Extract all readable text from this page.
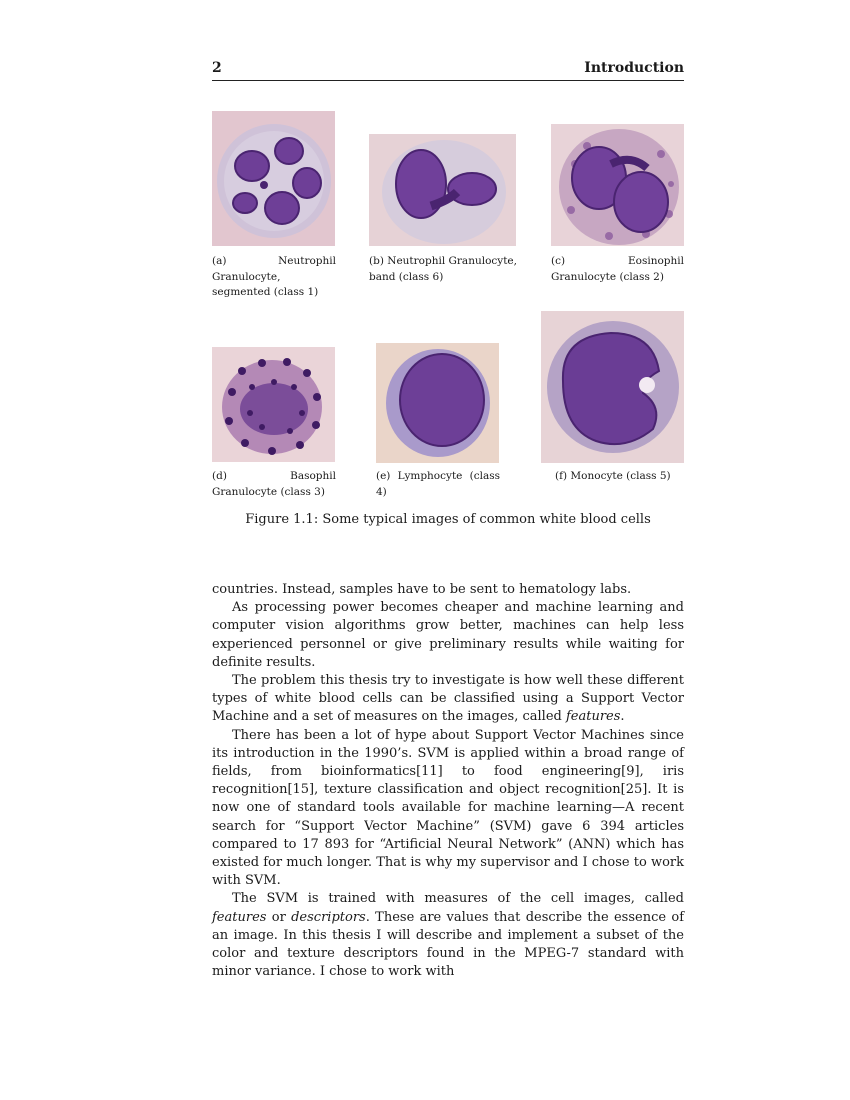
2	Introduction
(a) Neutrophil Granulocyte, segmented (class 1)
(b) Neutrophil Granulocyte, band (class 6)
(c) Eosinophil Granulocyte (class 2)
(d) Basophil Granulocyte (class 3)
(e) Lymphocyte (class 4)
(f) Monocyte (class 5)
Figure 1.1: Some typical images of common white blood cells

countries. Instead, samples have to be sent to hematology labs.

As processing power becomes cheaper and machine learning and computer vision algorithms grow better, machines can help less experienced personnel or give preliminary results while waiting for definite results.

The problem this thesis try to investigate is how well these different types of white blood cells can be classified using a Support Vector Machine and a set of measures on the images, called features.

There has been a lot of hype about Support Vector Machines since its introduction in the 1990’s. SVM is applied within a broad range of fields, from bioinformatics[11] to food engineering[9], iris recognition[15], texture classification and object recognition[25]. It is now one of standard tools available for machine learning—A recent search for “Support Vector Machine” (SVM) gave 6 394 articles compared to 17 893 for “Artificial Neural Network” (ANN) which has existed for much longer. That is why my supervisor and I chose to work with SVM.

The SVM is trained with measures of the cell images, called features or descriptors. These are values that describe the essence of an image. In this thesis I will describe and implement a subset of the color and texture descriptors found in the MPEG-7 standard with minor variance. I chose to work with
